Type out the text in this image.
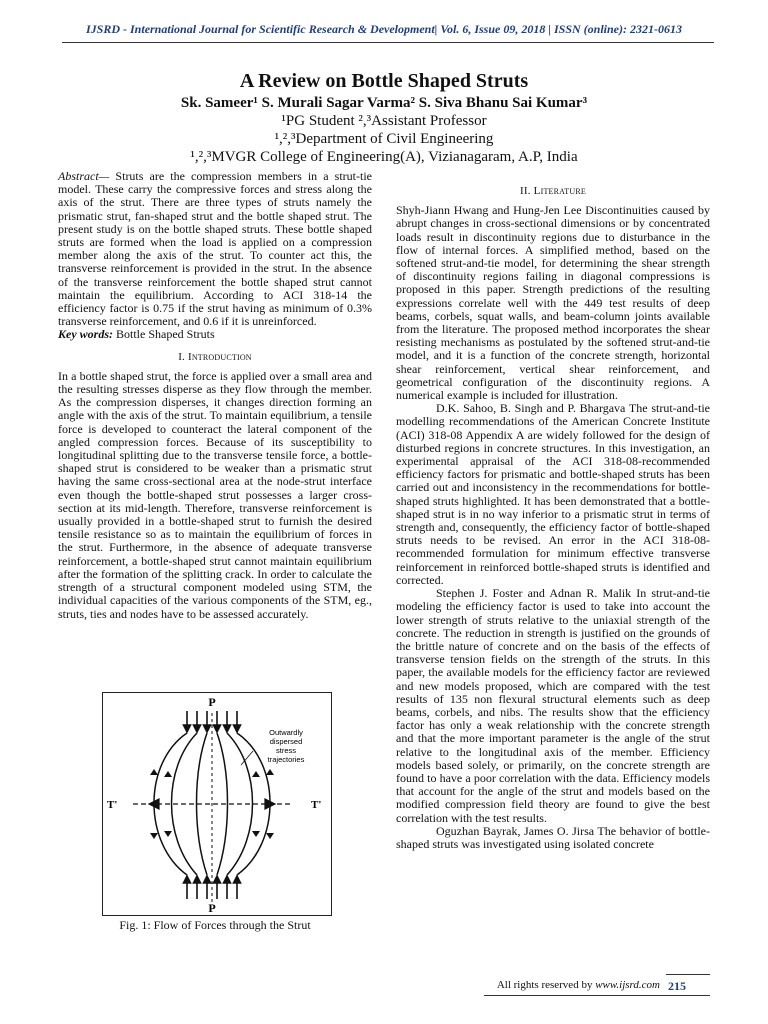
IJSRD - International Journal for Scientific Research & Development| Vol. 6, Issue 09, 2018 | ISSN (online): 2321-0613
A Review on Bottle Shaped Struts
Sk. Sameer¹ S. Murali Sagar Varma² S. Siva Bhanu Sai Kumar³
¹PG Student ²,³Assistant Professor
¹,²,³Department of Civil Engineering
¹,²,³MVGR College of Engineering(A), Vizianagaram, A.P, India

Abstract— Struts are the compression members in a strut-tie model. These carry the compressive forces and stress along the axis of the strut. There are three types of struts namely the prismatic strut, fan-shaped strut and the bottle shaped strut. The present study is on the bottle shaped struts. These bottle shaped struts are formed when the load is applied on a compression member along the axis of the strut. To counter act this, the transverse reinforcement is provided in the strut. In the absence of the transverse reinforcement the bottle shaped strut cannot maintain the equilibrium. According to ACI 318-14 the efficiency factor is 0.75 if the strut having as minimum of 0.3% transverse reinforcement, and 0.6 if it is unreinforced.

Key words: Bottle Shaped Struts

I. Introduction

In a bottle shaped strut, the force is applied over a small area and the resulting stresses disperse as they flow through the member. As the compression disperses, it changes direction forming an angle with the axis of the strut. To maintain equilibrium, a tensile force is developed to counteract the lateral component of the angled compression forces. Because of its susceptibility to longitudinal splitting due to the transverse tensile force, a bottle-shaped strut is considered to be weaker than a prismatic strut having the same cross-sectional area at the node-strut interface even though the bottle-shaped strut possesses a larger cross-section at its mid-length. Therefore, transverse reinforcement is usually provided in a bottle-shaped strut to furnish the desired tensile resistance so as to maintain the equilibrium of forces in the strut. Furthermore, in the absence of adequate transverse reinforcement, a bottle-shaped strut cannot maintain equilibrium after the formation of the splitting crack. In order to calculate the strength of a structural component modeled using STM, the individual capacities of the various components of the STM, eg., struts, ties and nodes have to be assessed accurately.

P
P
T'	T'
Outwardly
dispersed
stress
trajectories
Fig. 1: Flow of Forces through the Strut
II. Literature

Shyh-Jiann Hwang and Hung-Jen Lee Discontinuities caused by abrupt changes in cross-sectional dimensions or by concentrated loads result in discontinuity regions due to disturbance in the flow of internal forces. A simplified method, based on the softened strut-and-tie model, for determining the shear strength of discontinuity regions failing in diagonal compressions is proposed in this paper. Strength predictions of the resulting expressions correlate well with the 449 test results of deep beams, corbels, squat walls, and beam-column joints available from the literature. The proposed method incorporates the shear resisting mechanisms as postulated by the softened strut-and-tie model, and it is a function of the concrete strength, horizontal shear reinforcement, vertical shear reinforcement, and geometrical configuration of the discontinuity regions. A numerical example is included for illustration.

D.K. Sahoo, B. Singh and P. Bhargava The strut-and-tie modelling recommendations of the American Concrete Institute (ACI) 318-08 Appendix A are widely followed for the design of disturbed regions in concrete structures. In this investigation, an experimental appraisal of the ACI 318-08-recommended efficiency factors for prismatic and bottle-shaped struts has been carried out and inconsistency in the recommendations for bottle-shaped struts highlighted. It has been demonstrated that a bottle-shaped strut is in no way inferior to a prismatic strut in terms of strength and, consequently, the efficiency factor of bottle-shaped struts needs to be revised. An error in the ACI 318-08-recommended formulation for minimum effective transverse reinforcement in reinforced bottle-shaped struts is identified and corrected.

Stephen J. Foster and Adnan R. Malik In strut-and-tie modeling the efficiency factor is used to take into account the lower strength of struts relative to the uniaxial strength of the concrete. The reduction in strength is justified on the grounds of the brittle nature of concrete and on the basis of the effects of transverse tension fields on the strength of the struts. In this paper, the available models for the efficiency factor are reviewed and new models proposed, which are compared with the test results of 135 non flexural structural elements such as deep beams, corbels, and nibs. The results show that the efficiency factor has only a weak relationship with the concrete strength and that the more important parameter is the angle of the strut relative to the longitudinal axis of the member. Efficiency models based solely, or primarily, on the concrete strength are found to have a poor correlation with the data. Efficiency models that account for the angle of the strut and models based on the modified compression field theory are found to give the best correlation with the test results.

Oguzhan Bayrak, James O. Jirsa The behavior of bottle-shaped struts was investigated using isolated concrete

All rights reserved by www.ijsrd.com 215
